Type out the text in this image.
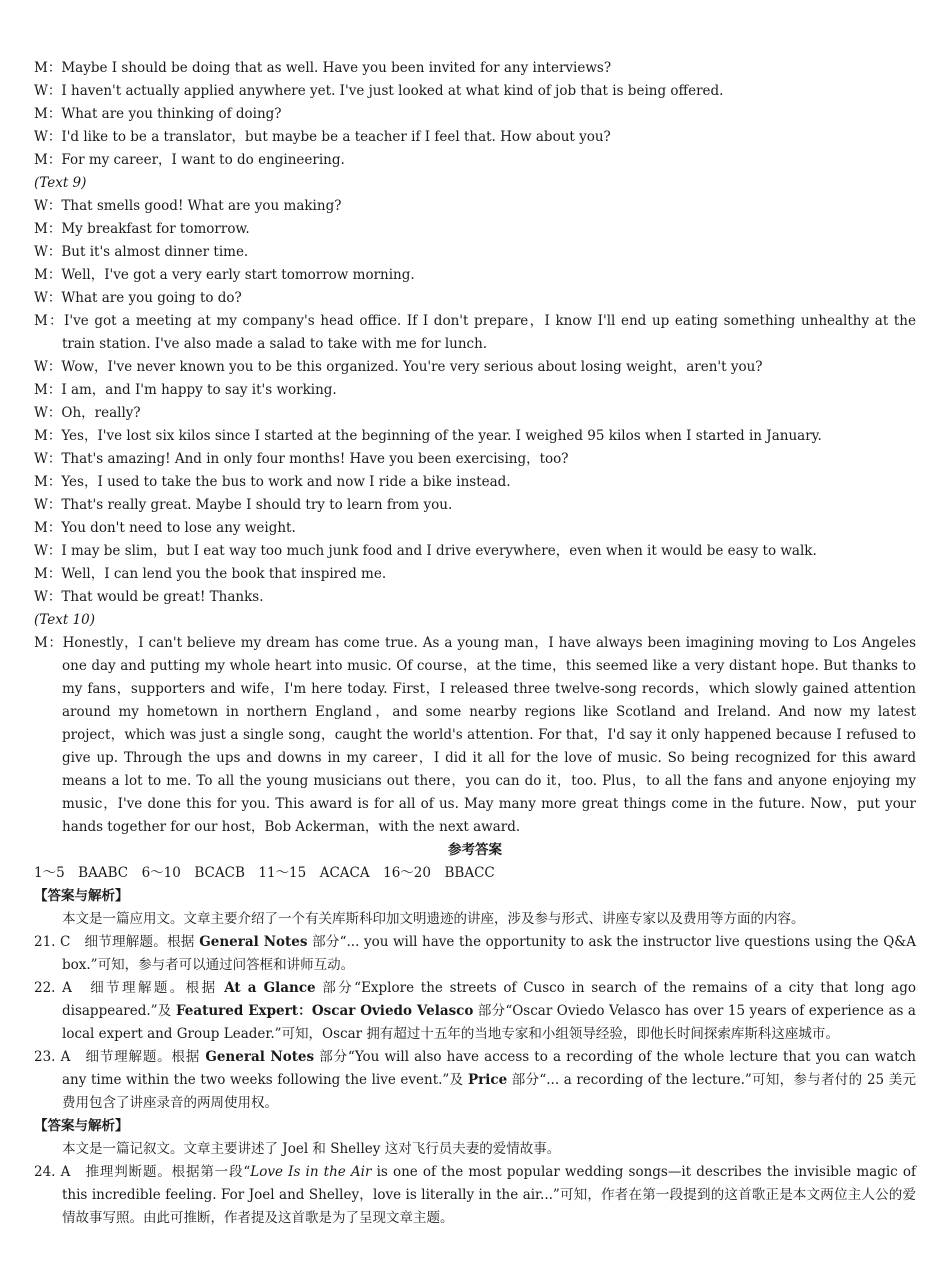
M：Maybe I should be doing that as well. Have you been invited for any interviews?
W：I haven't actually applied anywhere yet. I've just looked at what kind of job that is being offered.
M：What are you thinking of doing?
W：I'd like to be a translator，but maybe be a teacher if I feel that. How about you?
M：For my career，I want to do engineering.
(Text 9)
W：That smells good! What are you making?
M：My breakfast for tomorrow.
W：But it's almost dinner time.
M：Well，I've got a very early start tomorrow morning.
W：What are you going to do?
M：I've got a meeting at my company's head office. If I don't prepare，I know I'll end up eating something unhealthy at the train station. I've also made a salad to take with me for lunch.
W：Wow，I've never known you to be this organized. You're very serious about losing weight，aren't you?
M：I am，and I'm happy to say it's working.
W：Oh，really?
M：Yes，I've lost six kilos since I started at the beginning of the year. I weighed 95 kilos when I started in January.
W：That's amazing! And in only four months! Have you been exercising，too?
M：Yes，I used to take the bus to work and now I ride a bike instead.
W：That's really great. Maybe I should try to learn from you.
M：You don't need to lose any weight.
W：I may be slim，but I eat way too much junk food and I drive everywhere，even when it would be easy to walk.
M：Well，I can lend you the book that inspired me.
W：That would be great! Thanks.
(Text 10)
M：Honestly，I can't believe my dream has come true. As a young man，I have always been imagining moving to Los Angeles one day and putting my whole heart into music. Of course，at the time，this seemed like a very distant hope. But thanks to my fans，supporters and wife，I'm here today. First，I released three twelve-song records，which slowly gained attention around my hometown in northern England，and some nearby regions like Scotland and Ireland. And now my latest project，which was just a single song，caught the world's attention. For that，I'd say it only happened because I refused to give up. Through the ups and downs in my career，I did it all for the love of music. So being recognized for this award means a lot to me. To all the young musicians out there，you can do it，too. Plus，to all the fans and anyone enjoying my music，I've done this for you. This award is for all of us. May many more great things come in the future. Now，put your hands together for our host，Bob Ackerman，with the next award.
参考答案
1～5　BAABC　6～10　BCACB　11～15　ACACA　16～20　BBACC
【答案与解析】
本文是一篇应用文。文章主要介绍了一个有关库斯科印加文明遗迹的讲座，涉及参与形式、讲座专家以及费用等方面的内容。
21. C　 细节理解题。根据 General Notes 部分“... you will have the opportunity to ask the instructor live questions using the Q&A box.”可知，参与者可以通过问答框和讲师互动。
22. A　 细节理解题。根据 At a Glance 部分“Explore the streets of Cusco in search of the remains of a city that long ago disappeared.”及 Featured Expert：Oscar Oviedo Velasco 部分“Oscar Oviedo Velasco has over 15 years of experience as a local expert and Group Leader.”可知，Oscar 拥有超过十五年的当地专家和小组领导经验，即他长时间探索库斯科这座城市。
23. A　 细节理解题。根据 General Notes 部分“You will also have access to a recording of the whole lecture that you can watch any time within the two weeks following the live event.”及 Price 部分“... a recording of the lecture.”可知，参与者付的 25 美元费用包含了讲座录音的两周使用权。
【答案与解析】
本文是一篇记叙文。文章主要讲述了 Joel 和 Shelley 这对飞行员夫妻的爱情故事。
24. A　 推理判断题。根据第一段“Love Is in the Air is one of the most popular wedding songs—it describes the invisible magic of this incredible feeling. For Joel and Shelley，love is literally in the air...”可知，作者在第一段提到的这首歌正是本文两位主人公的爱情故事写照。由此可推断，作者提及这首歌是为了呈现文章主题。
